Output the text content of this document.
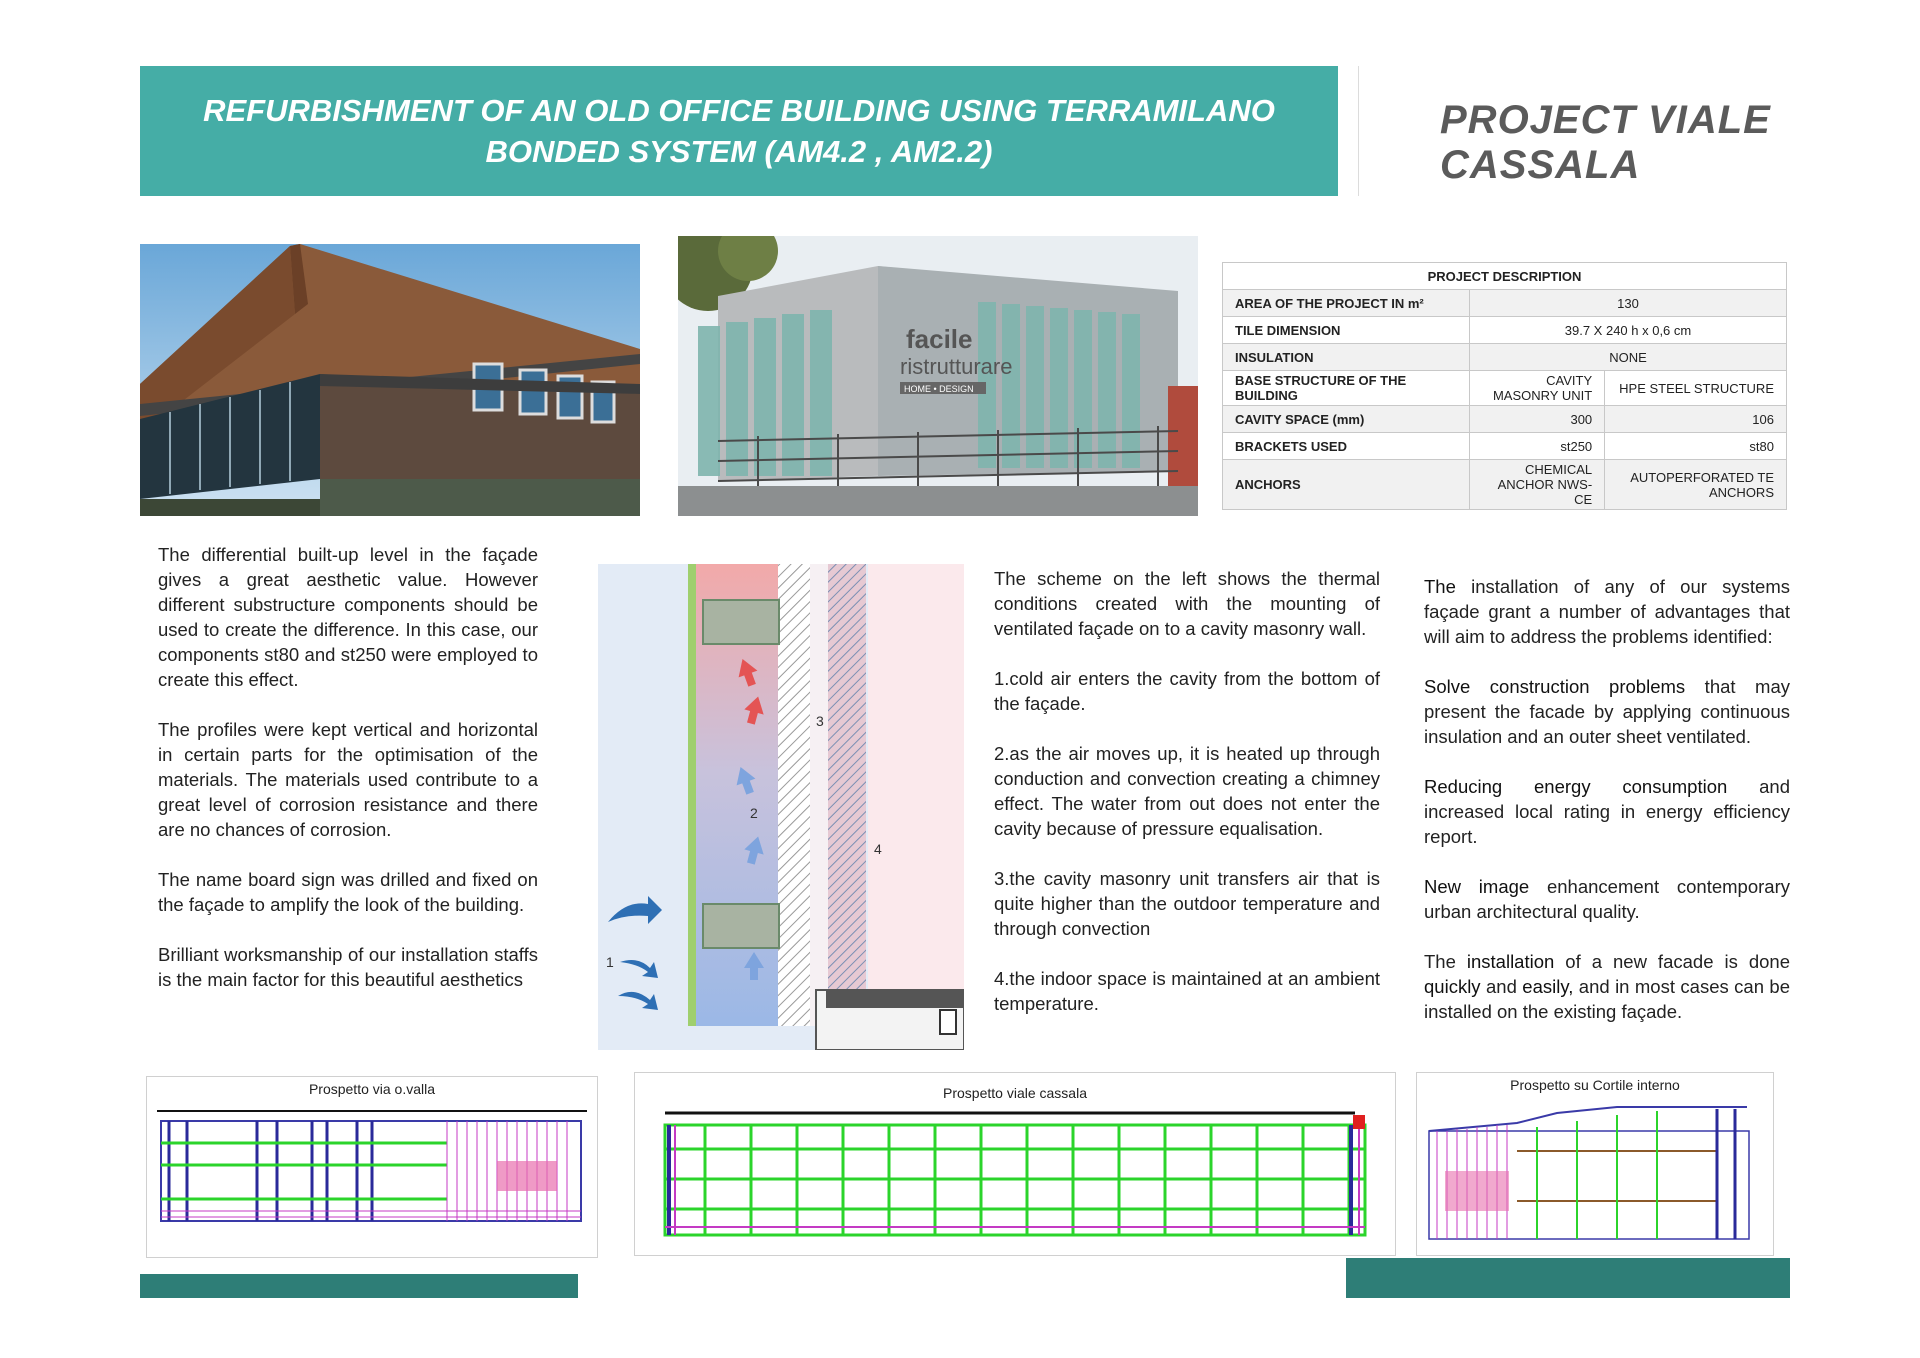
REFURBISHMENT OF AN OLD OFFICE BUILDING USING TERRAMILANO BONDED SYSTEM (AM4.2 , AM2.2)
PROJECT VIALE CASSALA
facile
ristrutturare
HOME • DESIGN
PROJECT DESCRIPTION		
AREA OF THE PROJECT IN m²	130	
TILE DIMENSION	39.7 X 240 h x 0,6 cm	
INSULATION	NONE	
BASE STRUCTURE OF THE BUILDING	CAVITY MASONRY UNIT	HPE STEEL STRUCTURE
CAVITY SPACE (mm)	300	106
BRACKETS USED	st250	st80
ANCHORS	CHEMICAL ANCHOR NWS-CE	AUTOPERFORATED TE ANCHORS

The differential built-up level in the façade gives a great aesthetic value. However different substructure components should be used to create the difference. In this case, our components st80 and st250 were employed to create this effect.

The profiles were kept vertical and horizontal in certain parts for the optimisation of the materials. The materials used contribute to a great level of corrosion resistance and there are no chances of corrosion.

The name board sign was drilled and fixed on the façade to amplify the look of the building.

Brilliant worksmanship of our installation staffs is the main factor for this beautiful aesthetics

1
2
3
4

The scheme on the left shows the thermal conditions created with the mounting of ventilated façade on to a cavity masonry wall.

1.cold air enters the cavity from the bottom of the façade.

2.as the air moves up, it is heated up through conduction and convection creating a chimney effect. The water from out does not enter the cavity because of pressure equalisation.

3.the cavity masonry unit transfers air that is quite higher than the outdoor temperature and through convection

4.the indoor space is maintained at an ambient temperature.

The installation of any of our systems façade grant a number of advantages that will aim to address the problems identified:

Solve construction problems that may present the facade by applying continuous insulation and an outer sheet ventilated.

Reducing energy consumption and increased local rating in energy efficiency report.

New image enhancement contemporary urban architectural quality.

The installation of a new facade is done quickly and easily, and in most cases can be installed on the existing façade.

Prospetto via o.valla	Prospetto viale cassala	Prospetto su Cortile interno
